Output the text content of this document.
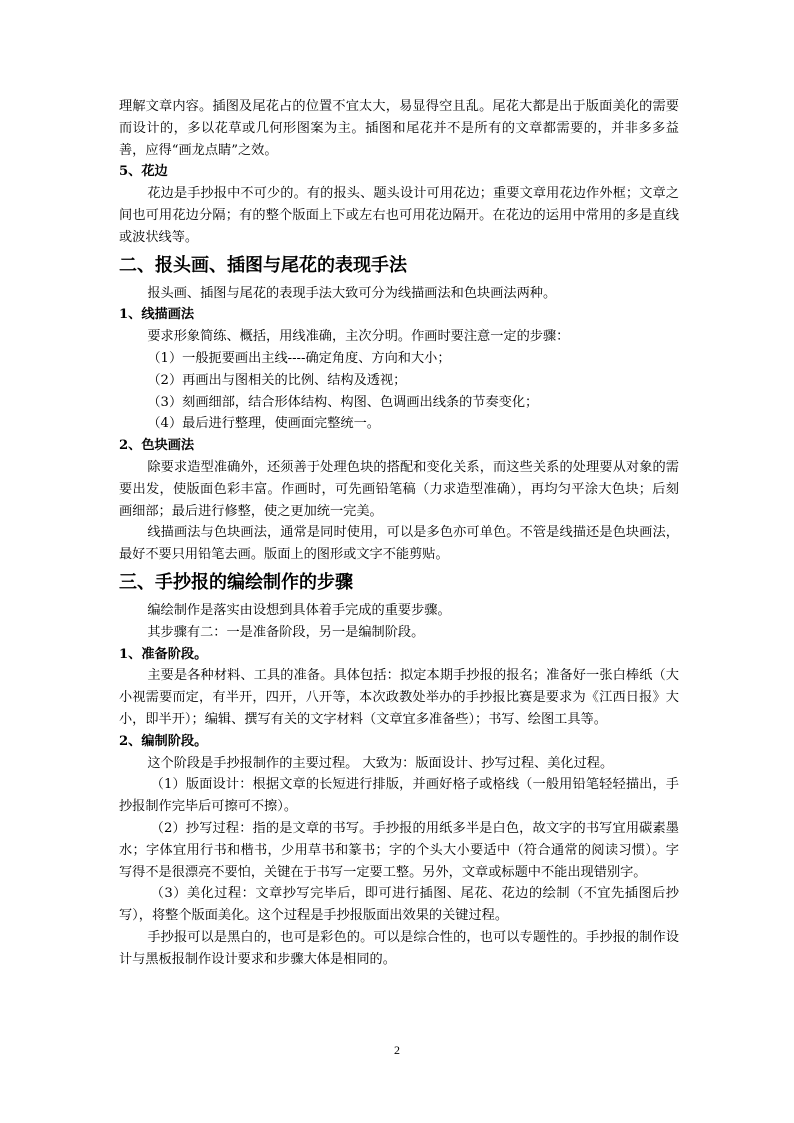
理解文章内容。插图及尾花占的位置不宜太大，易显得空且乱。尾花大都是出于版面美化的需要而设计的，多以花草或几何形图案为主。插图和尾花并不是所有的文章都需要的，并非多多益善，应得“画龙点睛”之效。

5、花边

花边是手抄报中不可少的。有的报头、题头设计可用花边；重要文章用花边作外框；文章之间也可用花边分隔；有的整个版面上下或左右也可用花边隔开。在花边的运用中常用的多是直线或波状线等。

二、报头画、插图与尾花的表现手法

报头画、插图与尾花的表现手法大致可分为线描画法和色块画法两种。

1、线描画法

要求形象简练、概括，用线准确，主次分明。作画时要注意一定的步骤：

（1）一般扼要画出主线----确定角度、方向和大小；

（2）再画出与图相关的比例、结构及透视；

（3）刻画细部，结合形体结构、构图、色调画出线条的节奏变化；

（4）最后进行整理，使画面完整统一。

2、色块画法

除要求造型准确外，还须善于处理色块的搭配和变化关系，而这些关系的处理要从对象的需要出发，使版面色彩丰富。作画时，可先画铅笔稿（力求造型准确），再均匀平涂大色块；后刻画细部；最后进行修整，使之更加统一完美。

线描画法与色块画法，通常是同时使用，可以是多色亦可单色。不管是线描还是色块画法，最好不要只用铅笔去画。版面上的图形或文字不能剪贴。

三、手抄报的编绘制作的步骤

编绘制作是落实由设想到具体着手完成的重要步骤。

其步骤有二：一是准备阶段，另一是编制阶段。

1、准备阶段。

主要是各种材料、工具的准备。具体包括：拟定本期手抄报的报名；准备好一张白棒纸（大小视需要而定，有半开，四开，八开等，本次政教处举办的手抄报比赛是要求为《江西日报》大小，即半开）；编辑、撰写有关的文字材料（文章宜多准备些）；书写、绘图工具等。

2、编制阶段。

这个阶段是手抄报制作的主要过程。 大致为：版面设计、抄写过程、美化过程。

（1）版面设计：根据文章的长短进行排版，并画好格子或格线（一般用铅笔轻轻描出，手抄报制作完毕后可擦可不擦）。

（2）抄写过程：指的是文章的书写。手抄报的用纸多半是白色，故文字的书写宜用碳素墨水；字体宜用行书和楷书，少用草书和篆书；字的个头大小要适中（符合通常的阅读习惯）。字写得不是很漂亮不要怕，关键在于书写一定要工整。另外，文章或标题中不能出现错别字。

（3）美化过程：文章抄写完毕后，即可进行插图、尾花、花边的绘制（不宜先插图后抄写），将整个版面美化。这个过程是手抄报版面出效果的关键过程。

手抄报可以是黑白的，也可是彩色的。可以是综合性的，也可以专题性的。手抄报的制作设计与黑板报制作设计要求和步骤大体是相同的。

2
